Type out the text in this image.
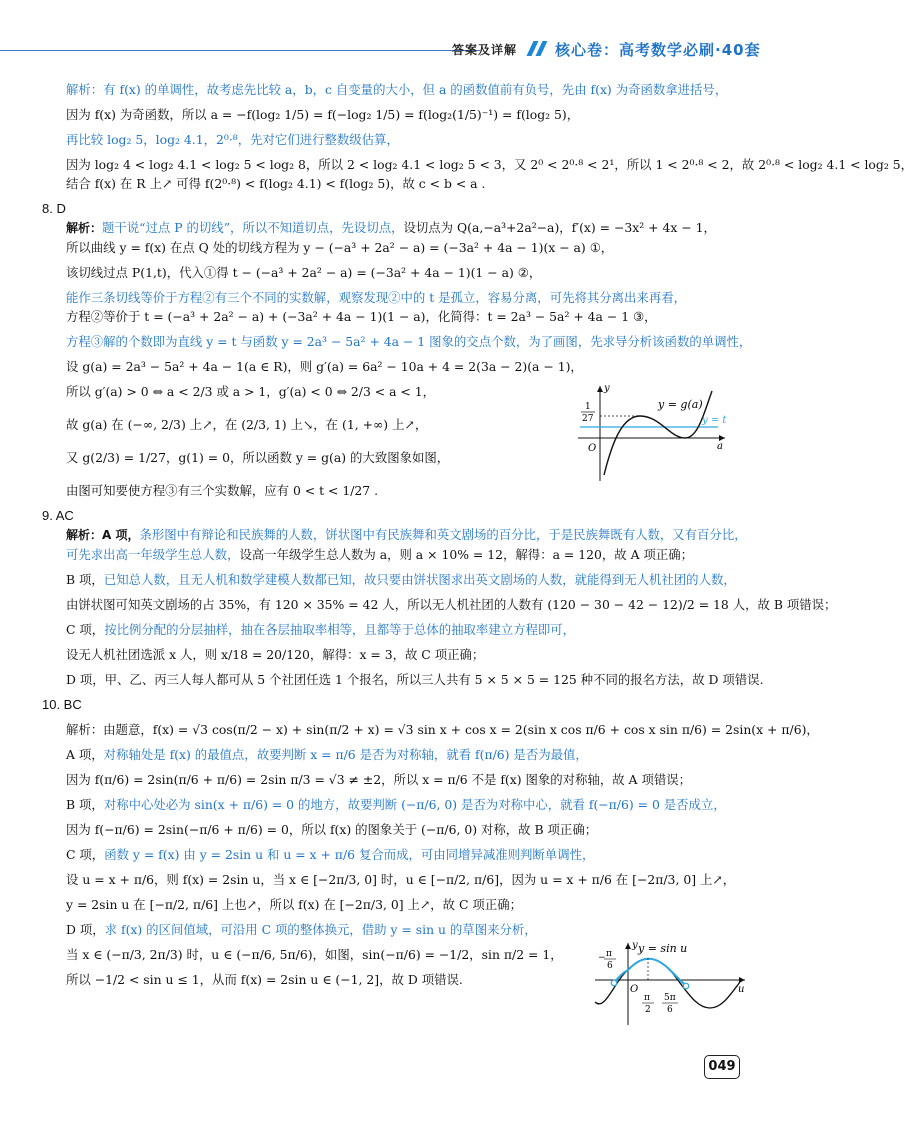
答案及详解	核心卷：高考数学必刷·40套

解析：有 f(x) 的单调性，故考虑先比较 a，b，c 自变量的大小，但 a 的函数值前有负号，先由 f(x) 为奇函数拿进括号，

因为 f(x) 为奇函数，所以 a = −f(log₂ 1/5) = f(−log₂ 1/5) = f(log₂(1/5)⁻¹) = f(log₂ 5)，

再比较 log₂ 5，log₂ 4.1，2⁰·⁸，先对它们进行整数级估算，

因为 log₂ 4 < log₂ 4.1 < log₂ 5 < log₂ 8，所以 2 < log₂ 4.1 < log₂ 5 < 3，又 2⁰ < 2⁰·⁸ < 2¹，所以 1 < 2⁰·⁸ < 2，故 2⁰·⁸ < log₂ 4.1 < log₂ 5，

结合 f(x) 在 R 上↗ 可得 f(2⁰·⁸) < f(log₂ 4.1) < f(log₂ 5)，故 c < b < a .

8. D

解析：题干说“过点 P 的切线”，所以不知道切点，先设切点，设切点为 Q(a,−a³+2a²−a)，f′(x) = −3x² + 4x − 1，

所以曲线 y = f(x) 在点 Q 处的切线方程为 y − (−a³ + 2a² − a) = (−3a² + 4a − 1)(x − a) ①，

该切线过点 P(1,t)，代入①得 t − (−a³ + 2a² − a) = (−3a² + 4a − 1)(1 − a) ②，

能作三条切线等价于方程②有三个不同的实数解，观察发现②中的 t 是孤立，容易分离，可先将其分离出来再看，

方程②等价于 t = (−a³ + 2a² − a) + (−3a² + 4a − 1)(1 − a)，化简得：t = 2a³ − 5a² + 4a − 1 ③，

方程③解的个数即为直线 y = t 与函数 y = 2a³ − 5a² + 4a − 1 图象的交点个数，为了画图，先求导分析该函数的单调性，

设 g(a) = 2a³ − 5a² + 4a − 1(a ∈ R)，则 g′(a) = 6a² − 10a + 4 = 2(3a − 2)(a − 1)，

所以 g′(a) > 0 ⇔ a < 2/3 或 a > 1，g′(a) < 0 ⇔ 2/3 < a < 1，

故 g(a) 在 (−∞, 2/3) 上↗，在 (2/3, 1) 上↘，在 (1, +∞) 上↗，

又 g(2/3) = 1/27，g(1) = 0，所以函数 y = g(a) 的大致图象如图，

由图可知要使方程③有三个实数解，应有 0 < t < 1/27 .

9. AC

解析：A 项，条形图中有辩论和民族舞的人数，饼状图中有民族舞和英文剧场的百分比，于是民族舞既有人数，又有百分比，

可先求出高一年级学生总人数，设高一年级学生总人数为 a，则 a × 10% = 12，解得：a = 120，故 A 项正确；

B 项，已知总人数，且无人机和数学建模人数都已知，故只要由饼状图求出英文剧场的人数，就能得到无人机社团的人数，

由饼状图可知英文剧场的占 35%，有 120 × 35% = 42 人，所以无人机社团的人数有 (120 − 30 − 42 − 12)/2 = 18 人，故 B 项错误；

C 项，按比例分配的分层抽样，抽在各层抽取率相等，且都等于总体的抽取率建立方程即可，

设无人机社团选派 x 人，则 x/18 = 20/120，解得：x = 3，故 C 项正确；

D 项，甲、乙、丙三人每人都可从 5 个社团任选 1 个报名，所以三人共有 5 × 5 × 5 = 125 种不同的报名方法，故 D 项错误.

10. BC

解析：由题意，f(x) = √3 cos(π/2 − x) + sin(π/2 + x) = √3 sin x + cos x = 2(sin x cos π/6 + cos x sin π/6) = 2sin(x + π/6)，

A 项，对称轴处是 f(x) 的最值点，故要判断 x = π/6 是否为对称轴，就看 f(π/6) 是否为最值，

因为 f(π/6) = 2sin(π/6 + π/6) = 2sin π/3 = √3 ≠ ±2，所以 x = π/6 不是 f(x) 图象的对称轴，故 A 项错误；

B 项，对称中心处必为 sin(x + π/6) = 0 的地方，故要判断 (−π/6, 0) 是否为对称中心，就看 f(−π/6) = 0 是否成立，

因为 f(−π/6) = 2sin(−π/6 + π/6) = 0，所以 f(x) 的图象关于 (−π/6, 0) 对称，故 B 项正确；

C 项，函数 y = f(x) 由 y = 2sin u 和 u = x + π/6 复合而成，可由同增异减准则判断单调性，

设 u = x + π/6，则 f(x) = 2sin u，当 x ∈ [−2π/3, 0] 时，u ∈ [−π/2, π/6]，因为 u = x + π/6 在 [−2π/3, 0] 上↗，

y = 2sin u 在 [−π/2, π/6] 上也↗，所以 f(x) 在 [−2π/3, 0] 上↗，故 C 项正确；

D 项，求 f(x) 的区间值域，可沿用 C 项的整体换元，借助 y = sin u 的草图来分析，

当 x ∈ (−π/3, 2π/3) 时，u ∈ (−π/6, 5π/6)，如图，sin(−π/6) = −1/2，sin π/2 = 1，

所以 −1/2 < sin u ≤ 1，从而 f(x) = 2sin u ∈ (−1, 2]，故 D 项错误.

y = g(a)
y = t
y
a
O
1
27
y = sin u
y
u
O
− π
6
π
2
5π
6
049
